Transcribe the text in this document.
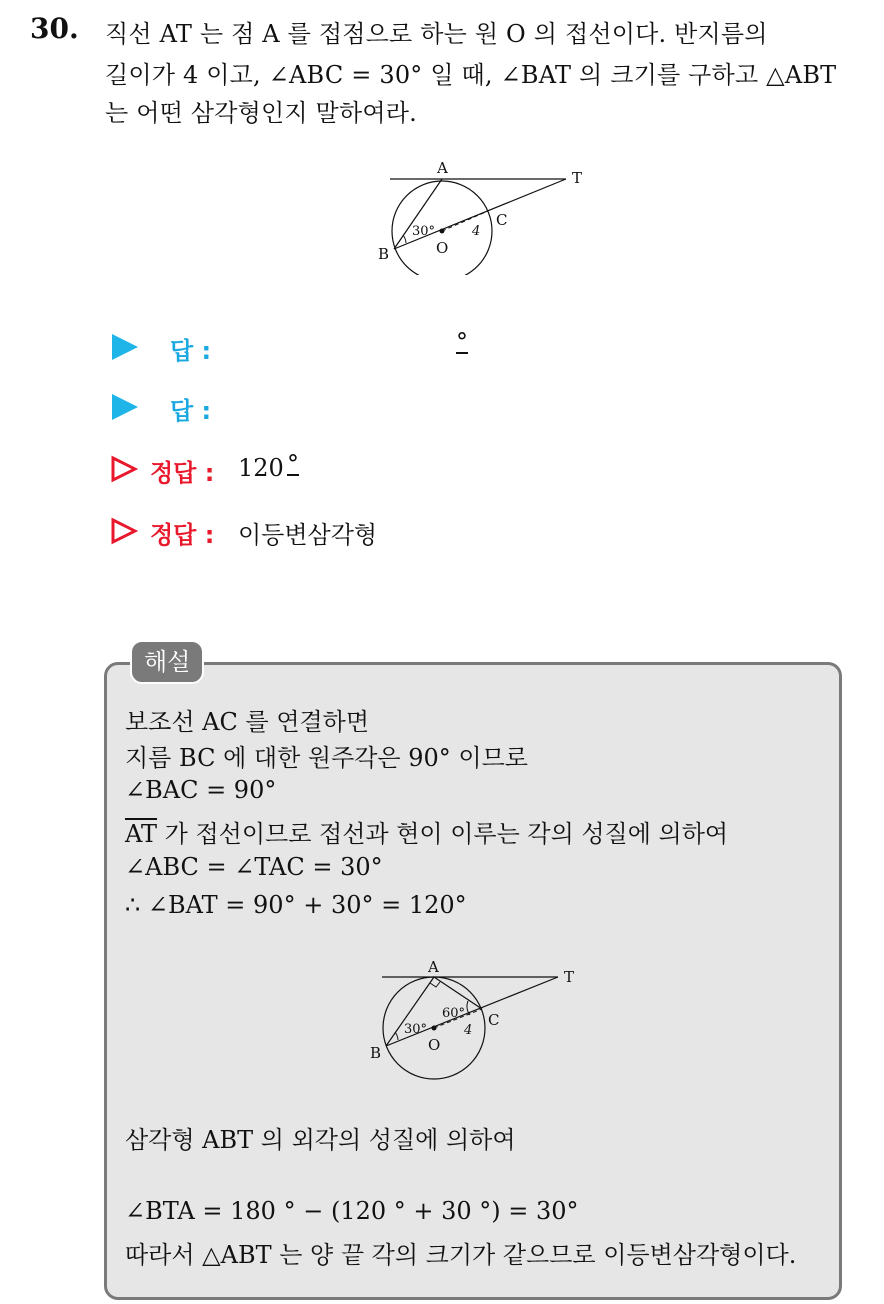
30. 직선 AT 는 점 A 를 접점으로 하는 원 O 의 접선이다. 반지름의
길이가 4 이고, ∠ABC = 30° 일 때, ∠BAT 의 크기를 구하고 △ABT
는 어떤 삼각형인지 말하여라.
A
T
C
B	O
30°	4
답 :	°
답 :
정답 : 120 °
정답 : 이등변삼각형
해설
보조선 AC 를 연결하면
지름 BC 에 대한 원주각은 90° 이므로
∠BAC = 90°
$\overline{AT}$ 가 접선이므로 접선과 현이 이루는 각의 성질에 의하여
∠ABC = ∠TAC = 30°
∴ ∠BAT = 90° + 30° = 120°
A
T
C
B	O
30°
60°
4
삼각형 ABT 의 외각의 성질에 의하여
∠BTA = 180 ° − (120 ° + 30 °) = 30°
따라서 △ABT 는 양 끝 각의 크기가 같으므로 이등변삼각형이다.
